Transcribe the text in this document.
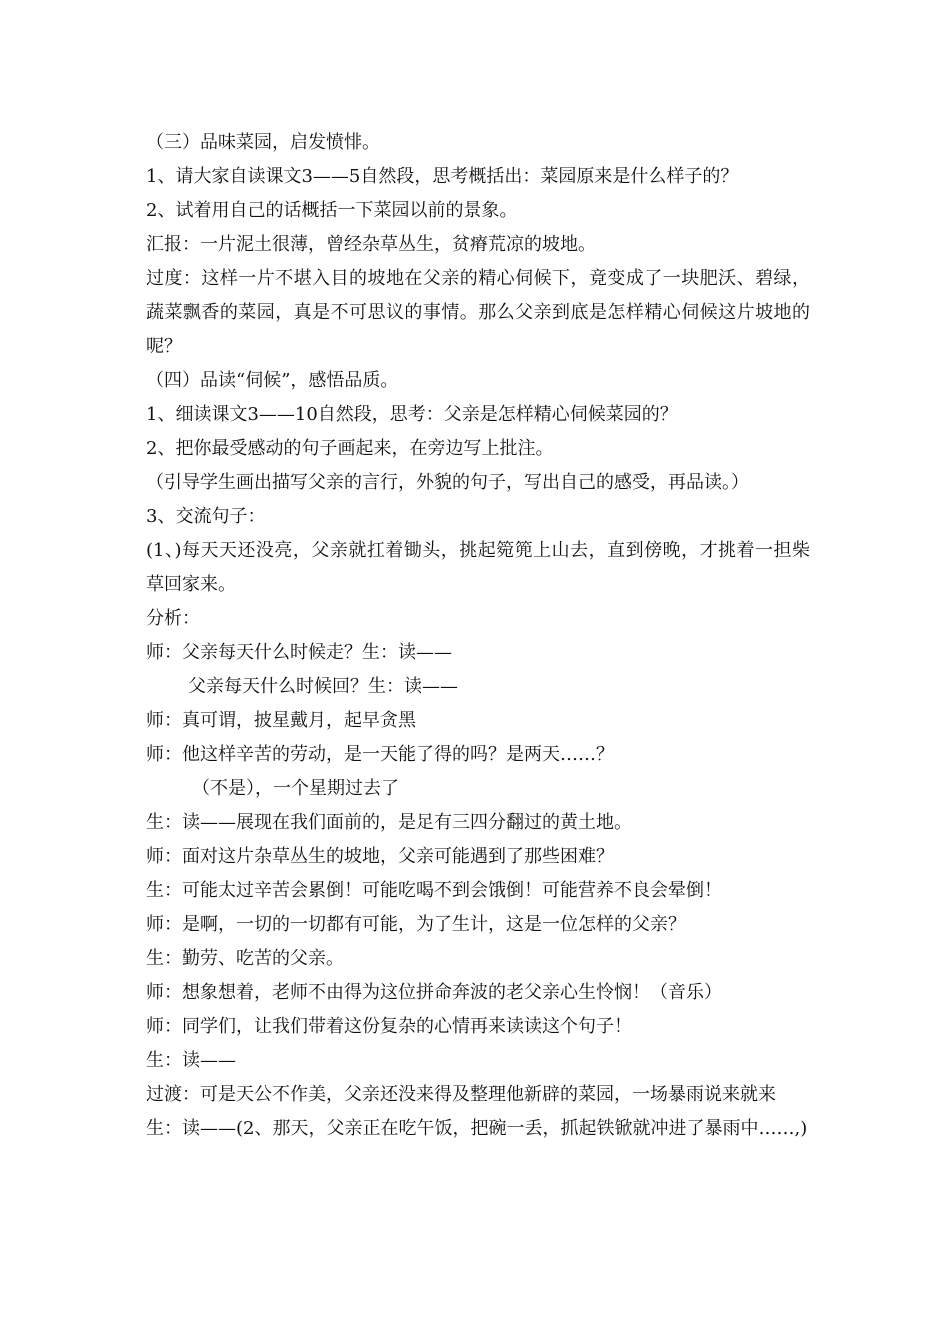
（三）品味菜园，启发愤悱。

1、请大家自读课文3——5自然段，思考概括出：菜园原来是什么样子的？

2、试着用自己的话概括一下菜园以前的景象。

汇报：一片泥土很薄，曾经杂草丛生，贫瘠荒凉的坡地。

过度：这样一片不堪入目的坡地在父亲的精心伺候下，竟变成了一块肥沃、碧绿，蔬菜飘香的菜园，真是不可思议的事情。那么父亲到底是怎样精心伺候这片坡地的呢？

（四）品读“伺候”，感悟品质。

1、细读课文3——10自然段，思考：父亲是怎样精心伺候菜园的？

2、把你最受感动的句子画起来，在旁边写上批注。

（引导学生画出描写父亲的言行，外貌的句子，写出自己的感受，再品读。）

3、交流句子：

(1、)每天天还没亮，父亲就扛着锄头，挑起箢篼上山去，直到傍晚，才挑着一担柴草回家来。

分析：

师：父亲每天什么时候走？生：读——

父亲每天什么时候回？生：读——

师：真可谓，披星戴月，起早贪黑

师：他这样辛苦的劳动，是一天能了得的吗？是两天……？

（不是），一个星期过去了

生：读——展现在我们面前的，是足有三四分翻过的黄土地。

师：面对这片杂草丛生的坡地，父亲可能遇到了那些困难？

生：可能太过辛苦会累倒！可能吃喝不到会饿倒！可能营养不良会晕倒！

师：是啊，一切的一切都有可能，为了生计，这是一位怎样的父亲？

生：勤劳、吃苦的父亲。

师：想象想着，老师不由得为这位拼命奔波的老父亲心生怜悯！（音乐）

师：同学们，让我们带着这份复杂的心情再来读读这个句子！

生：读——

过渡：可是天公不作美，父亲还没来得及整理他新辟的菜园，一场暴雨说来就来

生：读——(2、那天，父亲正在吃午饭，把碗一丢，抓起铁锨就冲进了暴雨中……,)
